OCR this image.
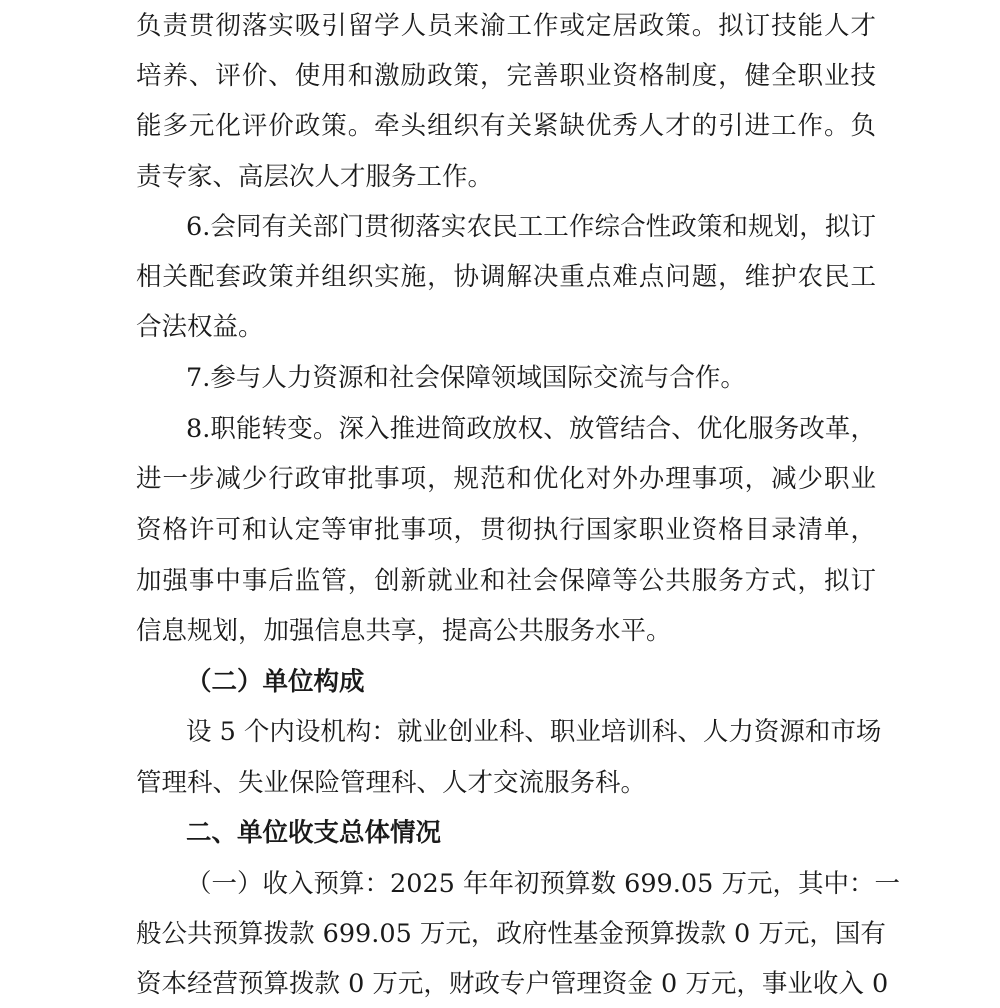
负责贯彻落实吸引留学人员来渝工作或定居政策。拟订技能人才
培养、评价、使用和激励政策，完善职业资格制度，健全职业技
能多元化评价政策。牵头组织有关紧缺优秀人才的引进工作。负
责专家、高层次人才服务工作。
6.会同有关部门贯彻落实农民工工作综合性政策和规划，拟订
相关配套政策并组织实施，协调解决重点难点问题，维护农民工
合法权益。
7.参与人力资源和社会保障领域国际交流与合作。
8.职能转变。深入推进简政放权、放管结合、优化服务改革，
进一步减少行政审批事项，规范和优化对外办理事项，减少职业
资格许可和认定等审批事项，贯彻执行国家职业资格目录清单，
加强事中事后监管，创新就业和社会保障等公共服务方式，拟订
信息规划，加强信息共享，提高公共服务水平。
（二）单位构成
设 5 个内设机构：就业创业科、职业培训科、人力资源和市场
管理科、失业保险管理科、人才交流服务科。
二、单位收支总体情况
（一）收入预算：2025 年年初预算数 699.05 万元，其中：一
般公共预算拨款 699.05 万元，政府性基金预算拨款 0 万元，国有
资本经营预算拨款 0 万元，财政专户管理资金 0 万元，事业收入 0
